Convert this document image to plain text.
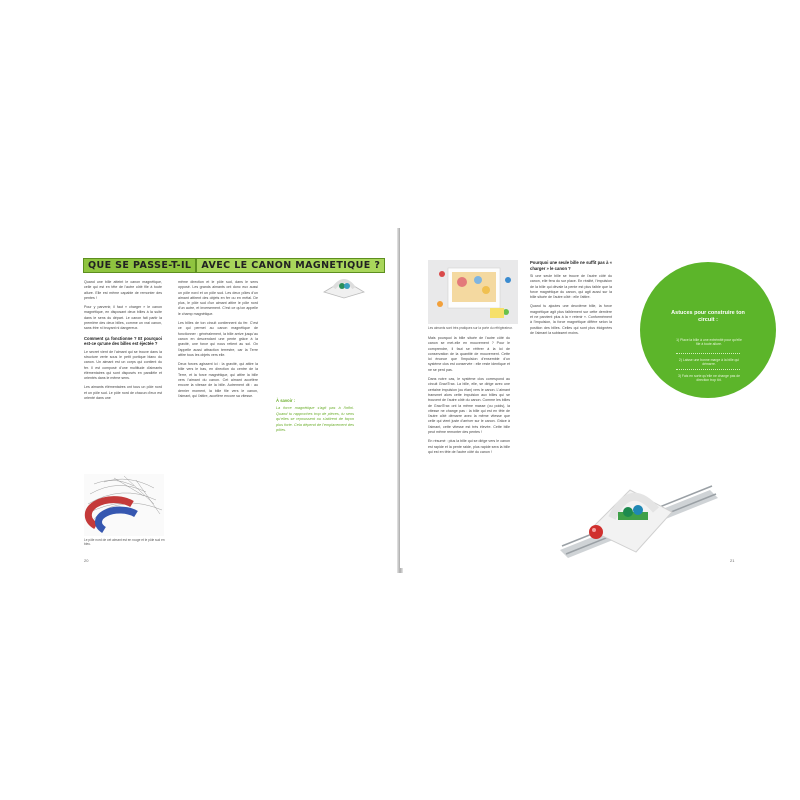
QUE SE PASSE-T-IL	AVEC LE CANON MAGNETIQUE ?

Quand une bille atteint le canon magnétique, celle qui est en tête de l'autre côté file à toute allure. Elle est même capable de remonter des pentes !

Pour y parvenir, il faut « charger » le canon magnétique, en disposant deux billes à la suite dans le sens du départ. Le canon fait partir la première des deux billes, comme un vrai canon, sans être ni bruyant ni dangereux.

Comment ça fonctionne ? Et pourquoi est-ce qu'une des billes est éjectée ?

Le secret vient de l'aimant qui se trouve dans la structure verte sous le petit portique blanc du canon. Un aimant est un corps qui contient du fer. Il est composé d'une multitude d'aimants élémentaires qui sont disposés en parallèle et orientés dans le même sens.

Les aimants élémentaires ont tous un pôle nord et un pôle sud. Le pôle nord de chacun d'eux est orienté dans une

Le pôle nord de cet aimant est en rouge et le pôle sud en bleu.

même direction et le pôle sud, dans le sens opposé. Les grands aimants ont donc eux aussi un pôle nord et un pôle sud. Les deux pôles d'un aimant attirent des objets en fer ou en métal. De plus, le pôle sud d'un aimant attire le pôle nord d'un autre, et inversement. C'est ce qu'on appelle le champ magnétique.

Les billes de ton circuit contiennent du fer. C'est ce qui permet au canon magnétique de fonctionner : généralement, la bille arrive jusqu'au canon en descendant une pente grâce à la gravité, une force qui nous retient au sol. On l'appelle aussi attraction terrestre, car la Terre attire tous les objets vers elle.

Deux forces agissent ici : la gravité, qui attire la bille vers le bas, en direction du centre de la Terre, et la force magnétique, qui attire la bille vers l'aimant du canon. Cet aimant accélère encore la vitesse de la bille. Autrement dit : au dernier moment, la bille file vers le canon, l'aimant, qui l'attire, accélère encore sa vitesse.

À savoir :
La force magnétique s'agit pas à l'infini. Quand tu rapproches trop de pièces, tu sens qu'elles se repoussent ou s'attirent de façon plus forte. Cela dépend de l'emplacement des pôles.
20
Les aimants sont très pratiques sur la porte du réfrigérateur.

Mais pourquoi la bille située de l'autre côté du canon se met-elle en mouvement ? Pour le comprendre, il faut se référer à la loi de conservation de la quantité de mouvement. Cette loi énonce que l'impulsion d'ensemble d'un système clos est conservée : elle reste identique et ne se perd pas.

Dans notre cas, le système clos correspond au circuit GraviTrax. La bille, elle, se dirige avec une certaine impulsion (ou élan) vers le canon. L'aimant transmet alors cette impulsion aux billes qui se trouvent de l'autre côté du canon. Comme les billes de GraviTrax ont la même masse (ou poids), la vitesse ne change pas : la bille qui est en tête de l'autre côté démarre avec la même vitesse que celle qui vient juste d'arriver sur le canon. Grâce à l'aimant, cette vitesse est très élevée. Cette bille peut même remonter des pentes !

En résumé : plus la bille qui se dirige vers le canon est rapide et la pente raide, plus rapide sera la bille qui est en tête de l'autre côté du canon !

Pourquoi une seule bille ne suffit pas à « charger » le canon ?

Si une seule bille se trouve de l'autre côté du canon, elle fera du sur place. En réalité, l'impulsion de la bille qui dévale la pente est plus faible que la force magnétique du canon, qui agit aussi sur la bille située de l'autre côté : elle l'attire.

Quand tu ajoutes une deuxième bille, la force magnétique agit plus faiblement sur cette dernière et ne parvient plus à la « retenir ». Conformément à l'impulsion, la force magnétique diffère selon la position des billes. Celles qui sont plus éloignées de l'aimant la subissent moins.

21
Astuces pour construire ton circuit :
1) Place la bille à une extrémité pour qu'elle file à toute allure.
2) Laisse une bonne marge à la bille qui démarre.
3) Fais en sorte qu'elle ne change pas de direction trop tôt.
